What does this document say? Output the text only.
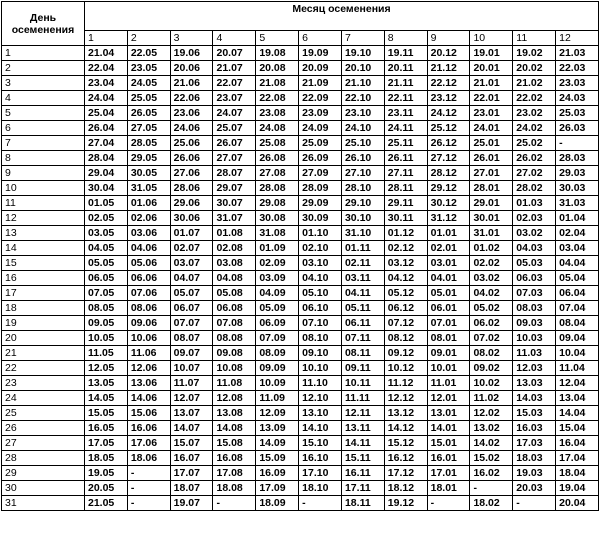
День
осеменения	Месяц осеменения											
	1	2	3	4	5	6	7	8	9	10	11	12
1	21.04	22.05	19.06	20.07	19.08	19.09	19.10	19.11	20.12	19.01	19.02	21.03
2	22.04	23.05	20.06	21.07	20.08	20.09	20.10	20.11	21.12	20.01	20.02	22.03
3	23.04	24.05	21.06	22.07	21.08	21.09	21.10	21.11	22.12	21.01	21.02	23.03
4	24.04	25.05	22.06	23.07	22.08	22.09	22.10	22.11	23.12	22.01	22.02	24.03
5	25.04	26.05	23.06	24.07	23.08	23.09	23.10	23.11	24.12	23.01	23.02	25.03
6	26.04	27.05	24.06	25.07	24.08	24.09	24.10	24.11	25.12	24.01	24.02	26.03
7	27.04	28.05	25.06	26.07	25.08	25.09	25.10	25.11	26.12	25.01	25.02	-
8	28.04	29.05	26.06	27.07	26.08	26.09	26.10	26.11	27.12	26.01	26.02	28.03
9	29.04	30.05	27.06	28.07	27.08	27.09	27.10	27.11	28.12	27.01	27.02	29.03
10	30.04	31.05	28.06	29.07	28.08	28.09	28.10	28.11	29.12	28.01	28.02	30.03
11	01.05	01.06	29.06	30.07	29.08	29.09	29.10	29.11	30.12	29.01	01.03	31.03
12	02.05	02.06	30.06	31.07	30.08	30.09	30.10	30.11	31.12	30.01	02.03	01.04
13	03.05	03.06	01.07	01.08	31.08	01.10	31.10	01.12	01.01	31.01	03.02	02.04
14	04.05	04.06	02.07	02.08	01.09	02.10	01.11	02.12	02.01	01.02	04.03	03.04
15	05.05	05.06	03.07	03.08	02.09	03.10	02.11	03.12	03.01	02.02	05.03	04.04
16	06.05	06.06	04.07	04.08	03.09	04.10	03.11	04.12	04.01	03.02	06.03	05.04
17	07.05	07.06	05.07	05.08	04.09	05.10	04.11	05.12	05.01	04.02	07.03	06.04
18	08.05	08.06	06.07	06.08	05.09	06.10	05.11	06.12	06.01	05.02	08.03	07.04
19	09.05	09.06	07.07	07.08	06.09	07.10	06.11	07.12	07.01	06.02	09.03	08.04
20	10.05	10.06	08.07	08.08	07.09	08.10	07.11	08.12	08.01	07.02	10.03	09.04
21	11.05	11.06	09.07	09.08	08.09	09.10	08.11	09.12	09.01	08.02	11.03	10.04
22	12.05	12.06	10.07	10.08	09.09	10.10	09.11	10.12	10.01	09.02	12.03	11.04
23	13.05	13.06	11.07	11.08	10.09	11.10	10.11	11.12	11.01	10.02	13.03	12.04
24	14.05	14.06	12.07	12.08	11.09	12.10	11.11	12.12	12.01	11.02	14.03	13.04
25	15.05	15.06	13.07	13.08	12.09	13.10	12.11	13.12	13.01	12.02	15.03	14.04
26	16.05	16.06	14.07	14.08	13.09	14.10	13.11	14.12	14.01	13.02	16.03	15.04
27	17.05	17.06	15.07	15.08	14.09	15.10	14.11	15.12	15.01	14.02	17.03	16.04
28	18.05	18.06	16.07	16.08	15.09	16.10	15.11	16.12	16.01	15.02	18.03	17.04
29	19.05	-	17.07	17.08	16.09	17.10	16.11	17.12	17.01	16.02	19.03	18.04
30	20.05	-	18.07	18.08	17.09	18.10	17.11	18.12	18.01	-	20.03	19.04
31	21.05	-	19.07	-	18.09	-	18.11	19.12	-	18.02	-	20.04
